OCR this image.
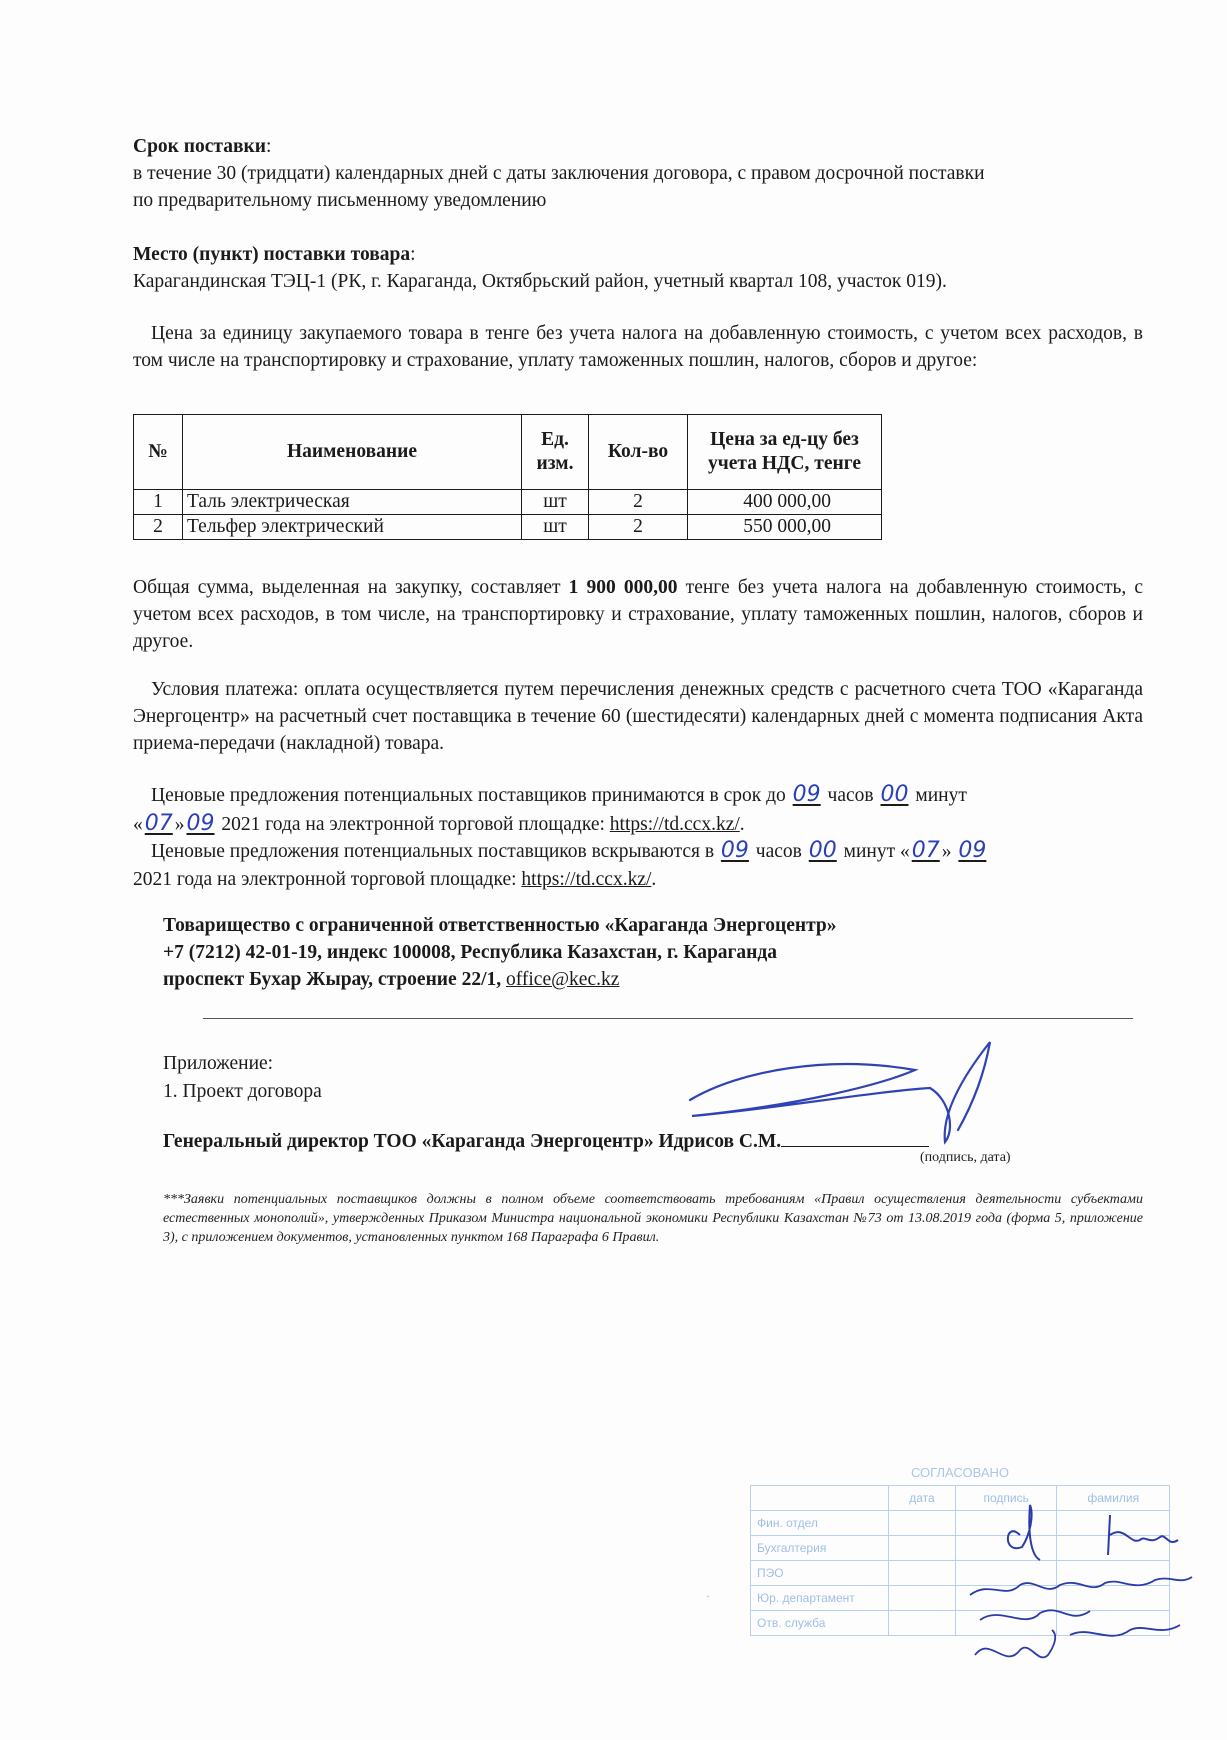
Срок поставки:
в течение 30 (тридцати) календарных дней с даты заключения договора, с правом досрочной поставки
по предварительному письменному уведомлению
Место (пункт) поставки товара:
Карагандинская ТЭЦ-1 (РК, г. Караганда, Октябрьский район, учетный квартал 108, участок 019).
Цена за единицу закупаемого товара в тенге без учета налога на добавленную стоимость, с учетом всех расходов, в том числе на транспортировку и страхование, уплату таможенных пошлин, налогов, сборов и другое:
№	Наименование	Ед. изм.	Кол-во	Цена за ед-цу без учета НДС, тенге
1	Таль электрическая	шт	2	400 000,00
2	Тельфер электрический	шт	2	550 000,00
Общая сумма, выделенная на закупку, составляет 1 900 000,00 тенге без учета налога на добавленную стоимость, с учетом всех расходов, в том числе, на транспортировку и страхование, уплату таможенных пошлин, налогов, сборов и другое.
Условия платежа: оплата осуществляется путем перечисления денежных средств с расчетного счета ТОО «Караганда Энергоцентр» на расчетный счет поставщика в течение 60 (шестидесяти) календарных дней с момента подписания Акта приема-передачи (накладной) товара.
Ценовые предложения потенциальных поставщиков принимаются в срок до 09 часов 00 минут
«07 »09 2021 года на электронной торговой площадке: https://td.ccx.kz/.
Ценовые предложения потенциальных поставщиков вскрываются в 09 часов 00 минут «07 » 09
2021 года на электронной торговой площадке: https://td.ccx.kz/.
Товарищество с ограниченной ответственностью «Караганда Энергоцентр»
+7 (7212) 42-01-19, индекс 100008, Республика Казахстан, г. Караганда
проспект Бухар Жырау, строение 22/1, office@kec.kz
Приложение:
1. Проект договора
Генеральный директор ТОО «Караганда Энергоцентр» Идрисов С.М.
(подпись, дата)
***Заявки потенциальных поставщиков должны в полном объеме соответствовать требованиям «Правил осуществления деятельности субъектами естественных монополий», утвержденных Приказом Министра национальной экономики Республики Казахстан №73 от 13.08.2019 года (форма 5, приложение 3), с приложением документов, установленных пунктом 168 Параграфа 6 Правил.
·
СОГЛАСОВАНО
	дата	подпись	фамилия
Фин. отдел			
Бухгалтерия			
ПЭО			
Юр. департамент			
Отв. служба			
